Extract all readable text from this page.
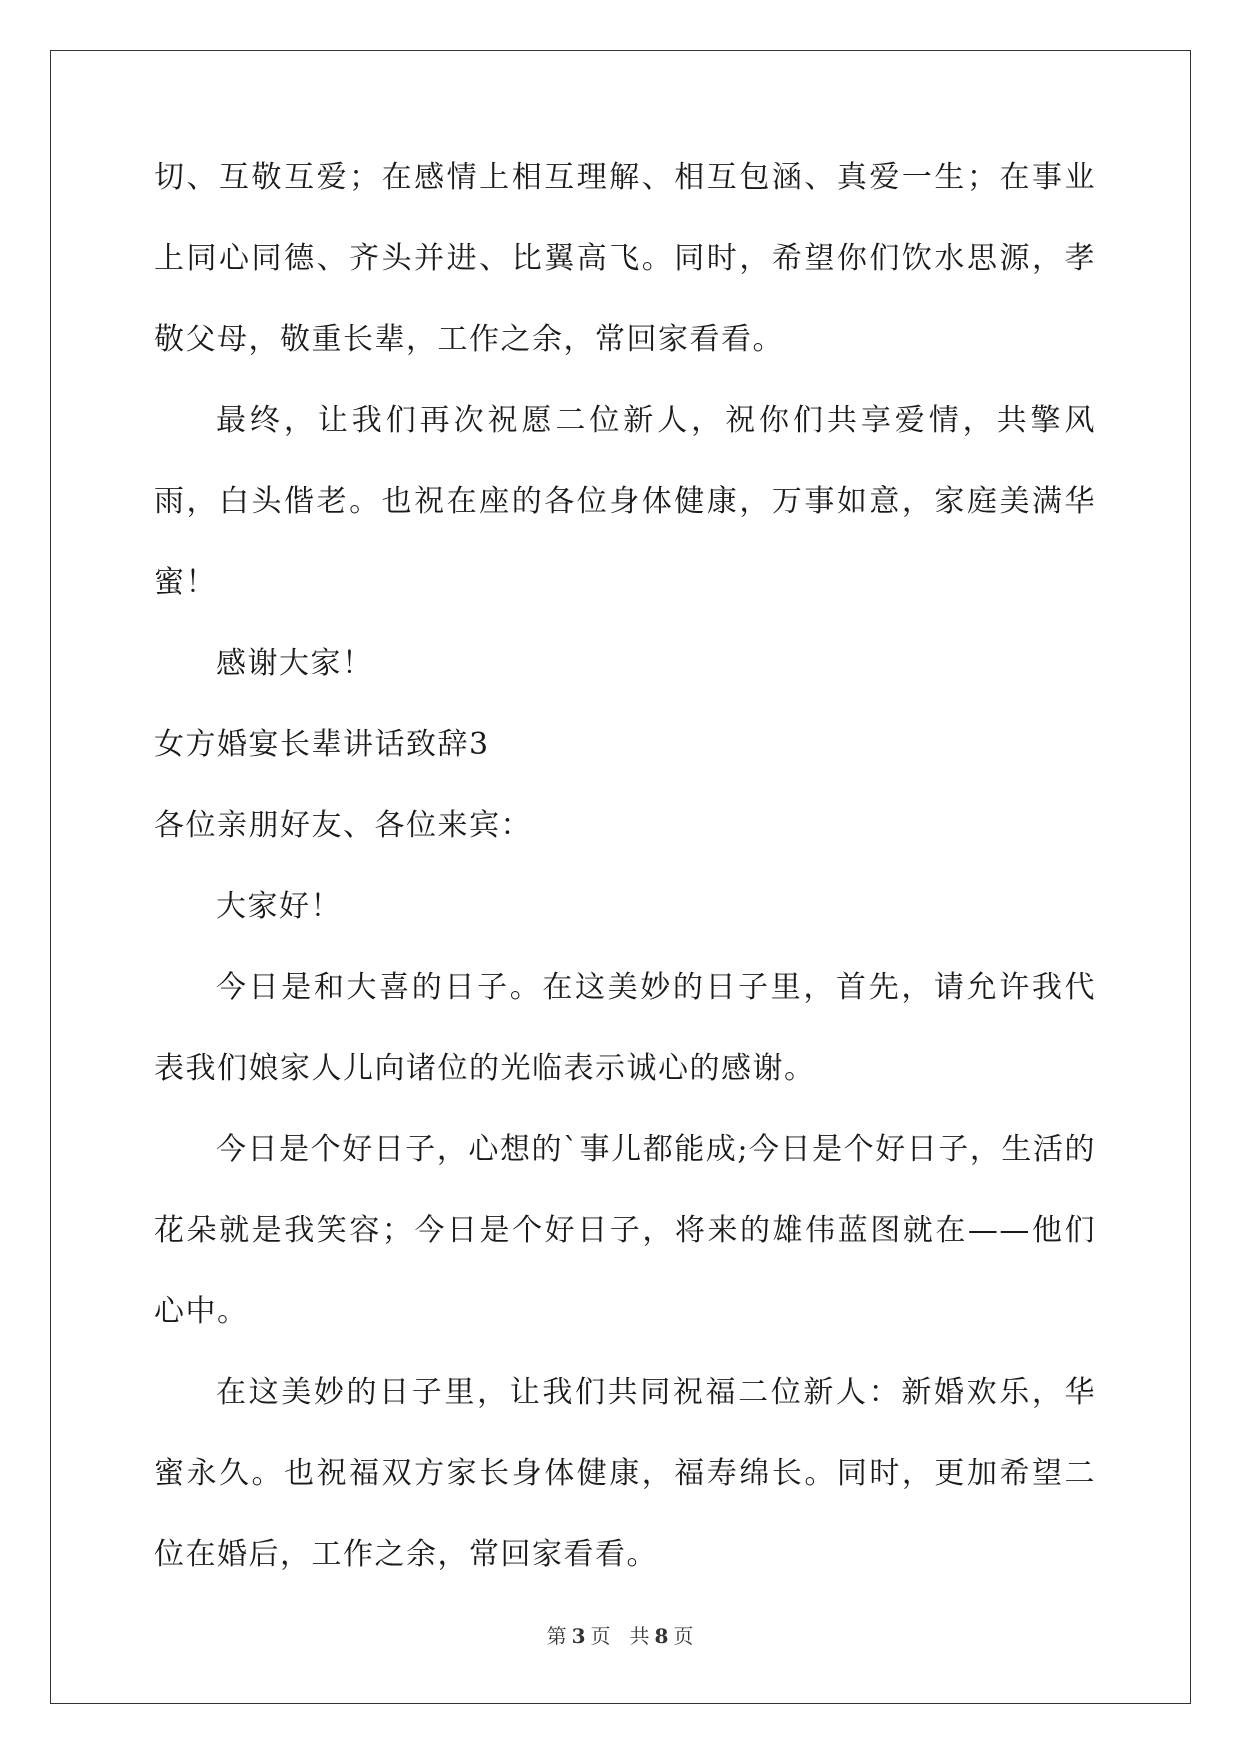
切、互敬互爱；在感情上相互理解、相互包涵、真爱一生；在事业上同心同德、齐头并进、比翼高飞。同时，希望你们饮水思源，孝敬父母，敬重长辈，工作之余，常回家看看。

最终，让我们再次祝愿二位新人，祝你们共享爱情，共擎风雨，白头偕老。也祝在座的各位身体健康，万事如意，家庭美满华蜜！

感谢大家！

女方婚宴长辈讲话致辞3

各位亲朋好友、各位来宾：

大家好！

今日是和大喜的日子。在这美妙的日子里，首先，请允许我代表我们娘家人儿向诸位的光临表示诚心的感谢。

今日是个好日子，心想的`事儿都能成;今日是个好日子，生活的花朵就是我笑容；今日是个好日子，将来的雄伟蓝图就在——他们心中。

在这美妙的日子里，让我们共同祝福二位新人：新婚欢乐，华蜜永久。也祝福双方家长身体健康，福寿绵长。同时，更加希望二位在婚后，工作之余，常回家看看。

第 3 页 共 8 页
